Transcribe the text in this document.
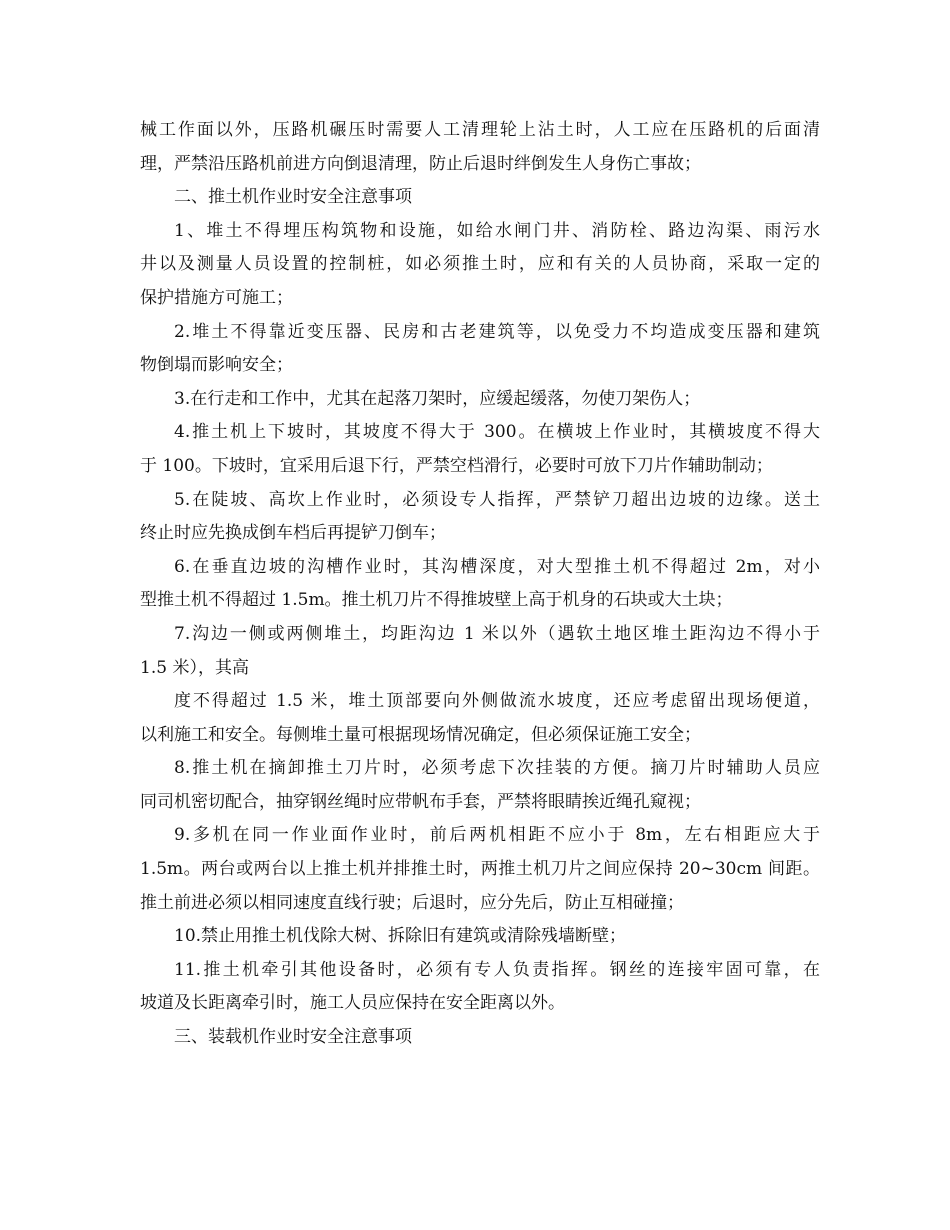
械工作面以外，压路机碾压时需要人工清理轮上沾土时，人工应在压路机的后面清
理，严禁沿压路机前进方向倒退清理，防止后退时绊倒发生人身伤亡事故；
二、推土机作业时安全注意事项
1、堆土不得埋压构筑物和设施，如给水闸门井、消防栓、路边沟渠、雨污水
井以及测量人员设置的控制桩，如必须推土时，应和有关的人员协商，采取一定的
保护措施方可施工；
2.堆土不得靠近变压器、民房和古老建筑等，以免受力不均造成变压器和建筑
物倒塌而影响安全；
3.在行走和工作中，尤其在起落刀架时，应缓起缓落，勿使刀架伤人；
4.推土机上下坡时，其坡度不得大于 300。在横坡上作业时，其横坡度不得大
于 100。下坡时，宜采用后退下行，严禁空档滑行，必要时可放下刀片作辅助制动；
5.在陡坡、高坎上作业时，必须设专人指挥，严禁铲刀超出边坡的边缘。送土
终止时应先换成倒车档后再提铲刀倒车；
6.在垂直边坡的沟槽作业时，其沟槽深度，对大型推土机不得超过 2m，对小
型推土机不得超过 1.5m。推土机刀片不得推坡壁上高于机身的石块或大土块；
7.沟边一侧或两侧堆土，均距沟边 1 米以外（遇软土地区堆土距沟边不得小于
1.5 米），其高
度不得超过 1.5 米，堆土顶部要向外侧做流水坡度，还应考虑留出现场便道，
以利施工和安全。每侧堆土量可根据现场情况确定，但必须保证施工安全；
8.推土机在摘卸推土刀片时，必须考虑下次挂装的方便。摘刀片时辅助人员应
同司机密切配合，抽穿钢丝绳时应带帆布手套，严禁将眼睛挨近绳孔窥视；
9.多机在同一作业面作业时，前后两机相距不应小于 8m，左右相距应大于
1.5m。两台或两台以上推土机并排推土时，两推土机刀片之间应保持 20~30cm 间距。
推土前进必须以相同速度直线行驶；后退时，应分先后，防止互相碰撞；
10.禁止用推土机伐除大树、拆除旧有建筑或清除残墙断壁；
11.推土机牵引其他设备时，必须有专人负责指挥。钢丝的连接牢固可靠，在
坡道及长距离牵引时，施工人员应保持在安全距离以外。
三、装载机作业时安全注意事项
